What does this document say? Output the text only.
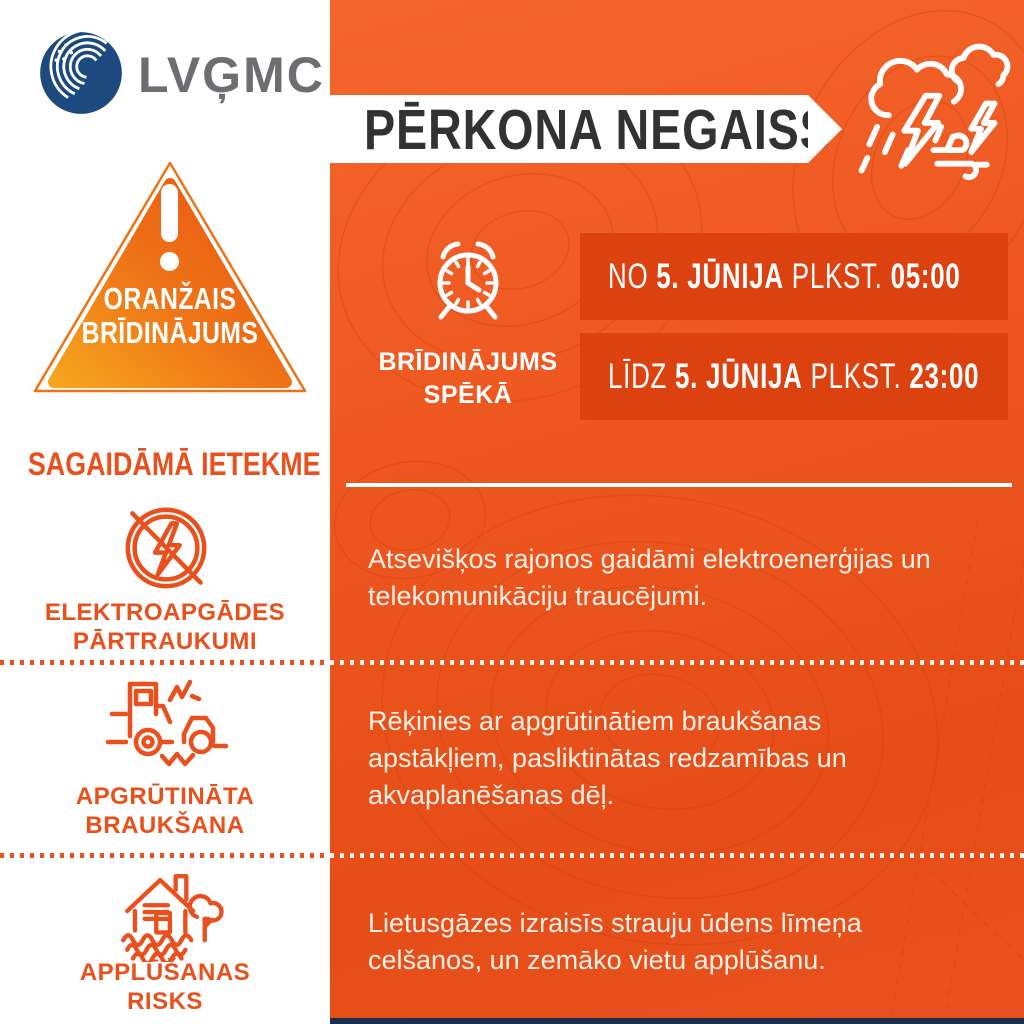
PĒRKONA NEGAISS
BRĪDINĀJUMS
SPĒKĀ
NO 5. JŪNIJA PLKST. 05:00
LĪDZ 5. JŪNIJA PLKST. 23:00
Atsevišķos rajonos gaidāmi elektroenerģijas un
telekomunikāciju traucējumi.
Rēķinies ar apgrūtinātiem braukšanas
apstākļiem, pasliktinātas redzamības un
akvaplanēšanas dēļ.
Lietusgāzes izraisīs strauju ūdens līmeņa
celšanos, un zemāko vietu applūšanu.
LVĢMC
ORANŽAIS
BRĪDINĀJUMS
SAGAIDĀMĀ IETEKME
ELEKTROAPGĀDES
PĀRTRAUKUMI
APGRŪTINĀTA
BRAUKŠANA
APPLŪŠANAS
RISKS
